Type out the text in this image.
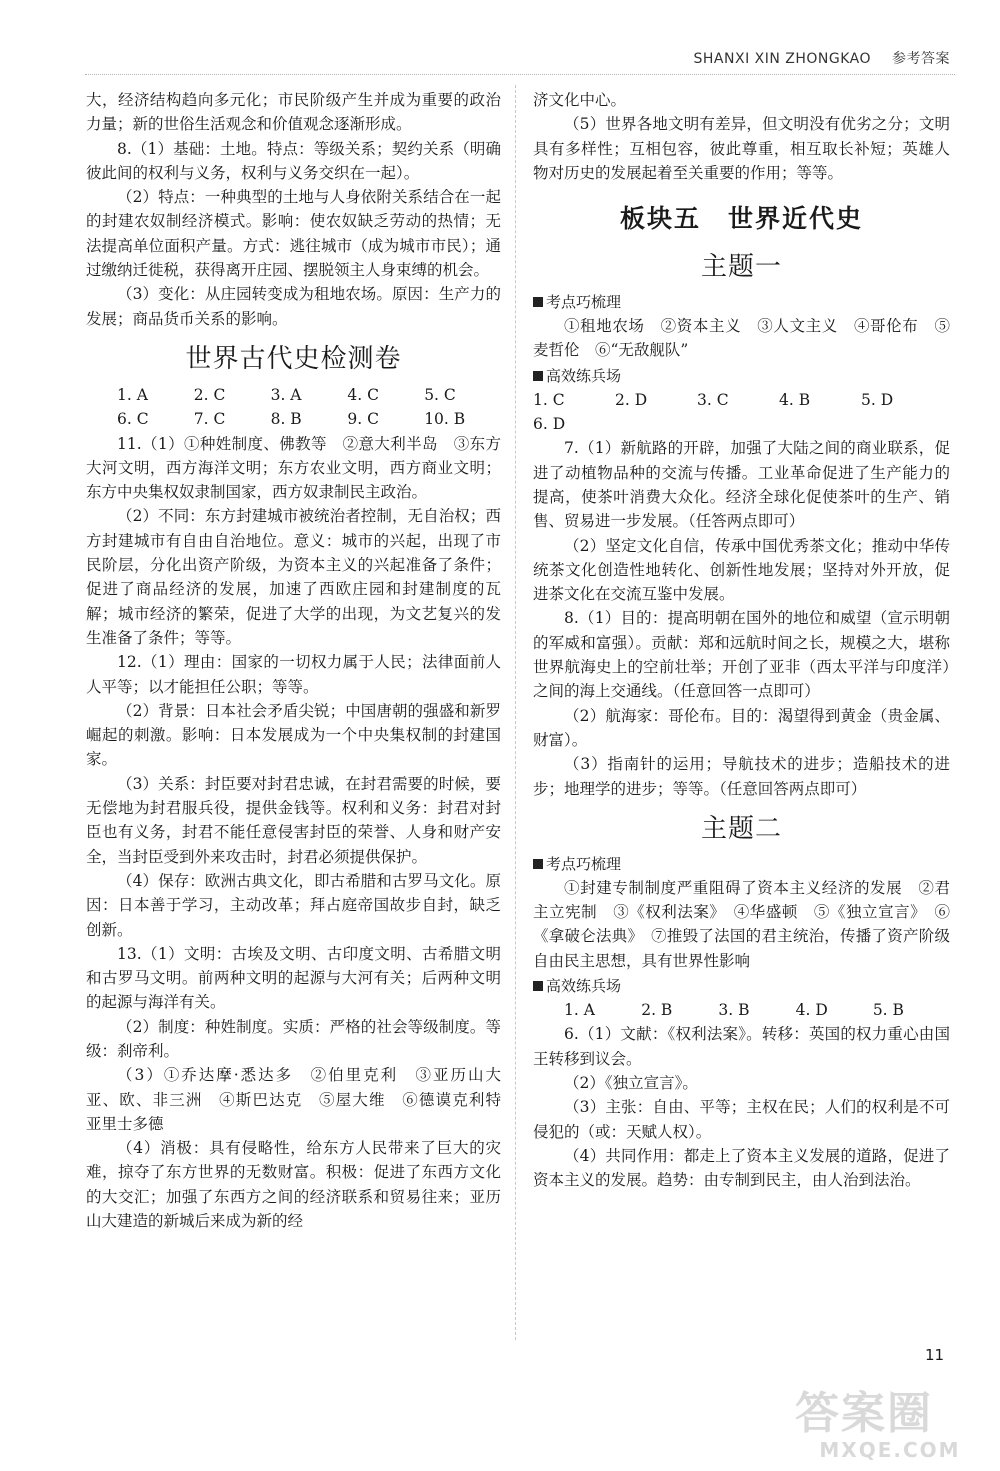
SHANXI XIN ZHONGKAO 参考答案

大，经济结构趋向多元化；市民阶级产生并成为重要的政治力量；新的世俗生活观念和价值观念逐渐形成。

8.（1）基础：土地。特点：等级关系；契约关系（明确彼此间的权利与义务，权利与义务交织在一起）。

（2）特点：一种典型的土地与人身依附关系结合在一起的封建农奴制经济模式。影响：使农奴缺乏劳动的热情；无法提高单位面积产量。方式：逃往城市（成为城市市民）；通过缴纳迁徙税，获得离开庄园、摆脱领主人身束缚的机会。

（3）变化：从庄园转变成为租地农场。原因：生产力的发展；商品货币关系的影响。

世界古代史检测卷
1. A	2. C	3. A	4. C	5. C
6. C	7. C	8. B	9. C	10. B

11.（1）①种姓制度、佛教等　②意大利半岛　③东方大河文明，西方海洋文明；东方农业文明，西方商业文明；东方中央集权奴隶制国家，西方奴隶制民主政治。

（2）不同：东方封建城市被统治者控制，无自治权；西方封建城市有自由自治地位。意义：城市的兴起，出现了市民阶层，分化出资产阶级，为资本主义的兴起准备了条件；促进了商品经济的发展，加速了西欧庄园和封建制度的瓦解；城市经济的繁荣，促进了大学的出现，为文艺复兴的发生准备了条件；等等。

12.（1）理由：国家的一切权力属于人民；法律面前人人平等；以才能担任公职；等等。

（2）背景：日本社会矛盾尖锐；中国唐朝的强盛和新罗崛起的刺激。影响：日本发展成为一个中央集权制的封建国家。

（3）关系：封臣要对封君忠诚，在封君需要的时候，要无偿地为封君服兵役，提供金钱等。权利和义务：封君对封臣也有义务，封君不能任意侵害封臣的荣誉、人身和财产安全，当封臣受到外来攻击时，封君必须提供保护。

（4）保存：欧洲古典文化，即古希腊和古罗马文化。原因：日本善于学习，主动改革；拜占庭帝国故步自封，缺乏创新。

13.（1）文明：古埃及文明、古印度文明、古希腊文明和古罗马文明。前两种文明的起源与大河有关；后两种文明的起源与海洋有关。

（2）制度：种姓制度。实质：严格的社会等级制度。等级：刹帝利。

（3）①乔达摩·悉达多　②伯里克利　③亚历山大　亚、欧、非三洲　④斯巴达克　⑤屋大维　⑥德谟克利特　亚里士多德

（4）消极：具有侵略性，给东方人民带来了巨大的灾难，掠夺了东方世界的无数财富。积极：促进了东西方文化的大交汇；加强了东西方之间的经济联系和贸易往来；亚历山大建造的新城后来成为新的经

济文化中心。

（5）世界各地文明有差异，但文明没有优劣之分；文明具有多样性；互相包容，彼此尊重，相互取长补短；英雄人物对历史的发展起着至关重要的作用；等等。

板块五　世界近代史
主题一

考点巧梳理

①租地农场　②资本主义　③人文主义　④哥伦布　⑤麦哲伦　⑥“无敌舰队”

高效练兵场

1. C	2. D	3. C	4. B	5. D
6. D

7.（1）新航路的开辟，加强了大陆之间的商业联系，促进了动植物品种的交流与传播。工业革命促进了生产能力的提高，使茶叶消费大众化。经济全球化促使茶叶的生产、销售、贸易进一步发展。（任答两点即可）

（2）坚定文化自信，传承中国优秀茶文化；推动中华传统茶文化创造性地转化、创新性地发展；坚持对外开放，促进茶文化在交流互鉴中发展。

8.（1）目的：提高明朝在国外的地位和威望（宣示明朝的军威和富强）。贡献：郑和远航时间之长，规模之大，堪称世界航海史上的空前壮举；开创了亚非（西太平洋与印度洋）之间的海上交通线。（任意回答一点即可）

（2）航海家：哥伦布。目的：渴望得到黄金（贵金属、财富）。

（3）指南针的运用；导航技术的进步；造船技术的进步；地理学的进步；等等。（任意回答两点即可）

主题二

考点巧梳理

①封建专制制度严重阻碍了资本主义经济的发展　②君主立宪制　③《权利法案》　④华盛顿　⑤《独立宣言》　⑥《拿破仑法典》　⑦推毁了法国的君主统治，传播了资产阶级自由民主思想，具有世界性影响

高效练兵场

1. A	2. B	3. B	4. D	5. B

6.（1）文献：《权利法案》。转移：英国的权力重心由国王转移到议会。

（2）《独立宣言》。

（3）主张：自由、平等；主权在民；人们的权利是不可侵犯的（或：天赋人权）。

（4）共同作用：都走上了资本主义发展的道路，促进了资本主义的发展。趋势：由专制到民主，由人治到法治。

11
答案圈
MXQE.COM
